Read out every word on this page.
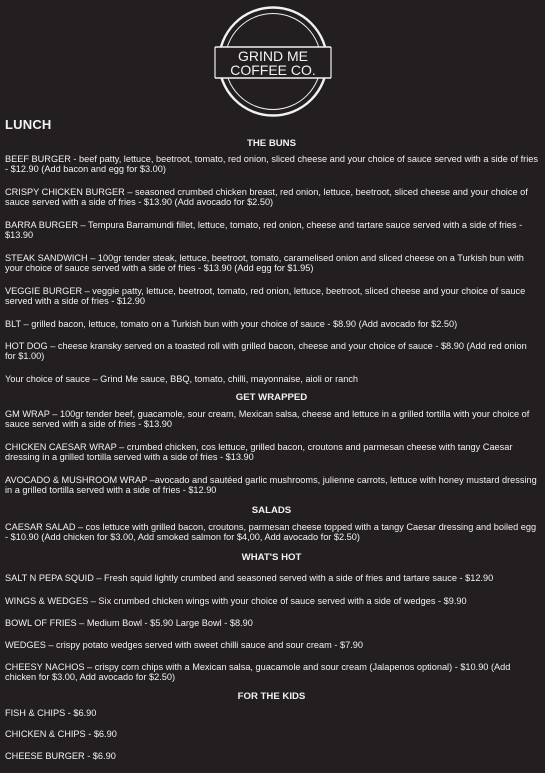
GRIND ME
COFFEE CO.
LUNCH
THE BUNS

BEEF BURGER - beef patty, lettuce, beetroot, tomato, red onion, sliced cheese and your choice of sauce served with a side of fries - $12.90 (Add bacon and egg for $3.00)

CRISPY CHICKEN BURGER – seasoned crumbed chicken breast, red onion, lettuce, beetroot, sliced cheese and your choice of sauce served with a side of fries - $13.90 (Add avocado for $2.50)

BARRA BURGER – Tempura Barramundi fillet, lettuce, tomato, red onion, cheese and tartare sauce served with a side of fries - $13.90

STEAK SANDWICH – 100gr tender steak, lettuce, beetroot, tomato, caramelised onion and sliced cheese on a Turkish bun with your choice of sauce served with a side of fries - $13.90 (Add egg for $1.95)

VEGGIE BURGER – veggie patty, lettuce, beetroot, tomato, red onion, lettuce, beetroot, sliced cheese and your choice of sauce served with a side of fries - $12.90

BLT – grilled bacon, lettuce, tomato on a Turkish bun with your choice of sauce - $8.90 (Add avocado for $2.50)

HOT DOG – cheese kransky served on a toasted roll with grilled bacon, cheese and your choice of sauce - $8.90 (Add red onion for $1.00)

Your choice of sauce – Grind Me sauce, BBQ, tomato, chilli, mayonnaise, aioli or ranch

GET WRAPPED

GM WRAP – 100gr tender beef, guacamole, sour cream, Mexican salsa, cheese and lettuce in a grilled tortilla with your choice of sauce served with a side of fries - $13.90

CHICKEN CAESAR WRAP – crumbed chicken, cos lettuce, grilled bacon, croutons and parmesan cheese with tangy Caesar dressing in a grilled tortilla served with a side of fries - $13.90

AVOCADO & MUSHROOM WRAP –avocado and sautéed garlic mushrooms, julienne carrots, lettuce with honey mustard dressing in a grilled tortilla served with a side of fries - $12.90

SALADS

CAESAR SALAD – cos lettuce with grilled bacon, croutons, parmesan cheese topped with a tangy Caesar dressing and boiled egg - $10.90 (Add chicken for $3.00, Add smoked salmon for $4,00, Add avocado for $2.50)

WHAT'S HOT

SALT N PEPA SQUID – Fresh squid lightly crumbed and seasoned served with a side of fries and tartare sauce - $12.90

WINGS & WEDGES – Six crumbed chicken wings with your choice of sauce served with a side of wedges - $9.90

BOWL OF FRIES – Medium Bowl - $5.90 Large Bowl - $8.90

WEDGES – crispy potato wedges served with sweet chilli sauce and sour cream - $7.90

CHEESY NACHOS – crispy corn chips with a Mexican salsa, guacamole and sour cream (Jalapenos optional) - $10.90 (Add chicken for $3.00, Add avocado for $2.50)

FOR THE KIDS

FISH & CHIPS - $6.90

CHICKEN & CHIPS - $6.90

CHEESE BURGER - $6.90
